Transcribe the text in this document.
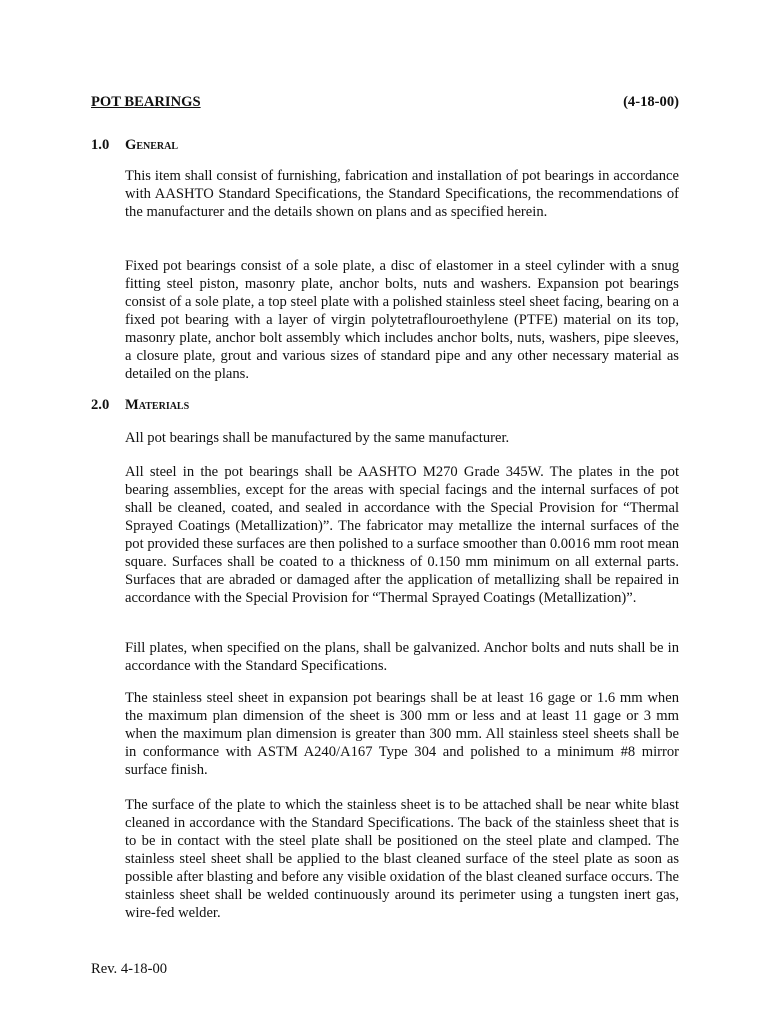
POT BEARINGS	(4-18-00)
1.0 General

This item shall consist of furnishing, fabrication and installation of pot bearings in accordance with AASHTO Standard Specifications, the Standard Specifications, the recommendations of the manufacturer and the details shown on plans and as specified herein.

Fixed pot bearings consist of a sole plate, a disc of elastomer in a steel cylinder with a snug fitting steel piston, masonry plate, anchor bolts, nuts and washers. Expansion pot bearings consist of a sole plate, a top steel plate with a polished stainless steel sheet facing, bearing on a fixed pot bearing with a layer of virgin polytetraflouroethylene (PTFE) material on its top, masonry plate, anchor bolt assembly which includes anchor bolts, nuts, washers, pipe sleeves, a closure plate, grout and various sizes of standard pipe and any other necessary material as detailed on the plans.

2.0 Materials

All pot bearings shall be manufactured by the same manufacturer.

All steel in the pot bearings shall be AASHTO M270 Grade 345W. The plates in the pot bearing assemblies, except for the areas with special facings and the internal surfaces of pot shall be cleaned, coated, and sealed in accordance with the Special Provision for “Thermal Sprayed Coatings (Metallization)”. The fabricator may metallize the internal surfaces of the pot provided these surfaces are then polished to a surface smoother than 0.0016 mm root mean square. Surfaces shall be coated to a thickness of 0.150 mm minimum on all external parts. Surfaces that are abraded or damaged after the application of metallizing shall be repaired in accordance with the Special Provision for “Thermal Sprayed Coatings (Metallization)”.

Fill plates, when specified on the plans, shall be galvanized. Anchor bolts and nuts shall be in accordance with the Standard Specifications.

The stainless steel sheet in expansion pot bearings shall be at least 16 gage or 1.6 mm when the maximum plan dimension of the sheet is 300 mm or less and at least 11 gage or 3 mm when the maximum plan dimension is greater than 300 mm. All stainless steel sheets shall be in conformance with ASTM A240/A167 Type 304 and polished to a minimum #8 mirror surface finish.

The surface of the plate to which the stainless sheet is to be attached shall be near white blast cleaned in accordance with the Standard Specifications. The back of the stainless sheet that is to be in contact with the steel plate shall be positioned on the steel plate and clamped. The stainless steel sheet shall be applied to the blast cleaned surface of the steel plate as soon as possible after blasting and before any visible oxidation of the blast cleaned surface occurs. The stainless sheet shall be welded continuously around its perimeter using a tungsten inert gas, wire-fed welder.

Rev. 4-18-00
